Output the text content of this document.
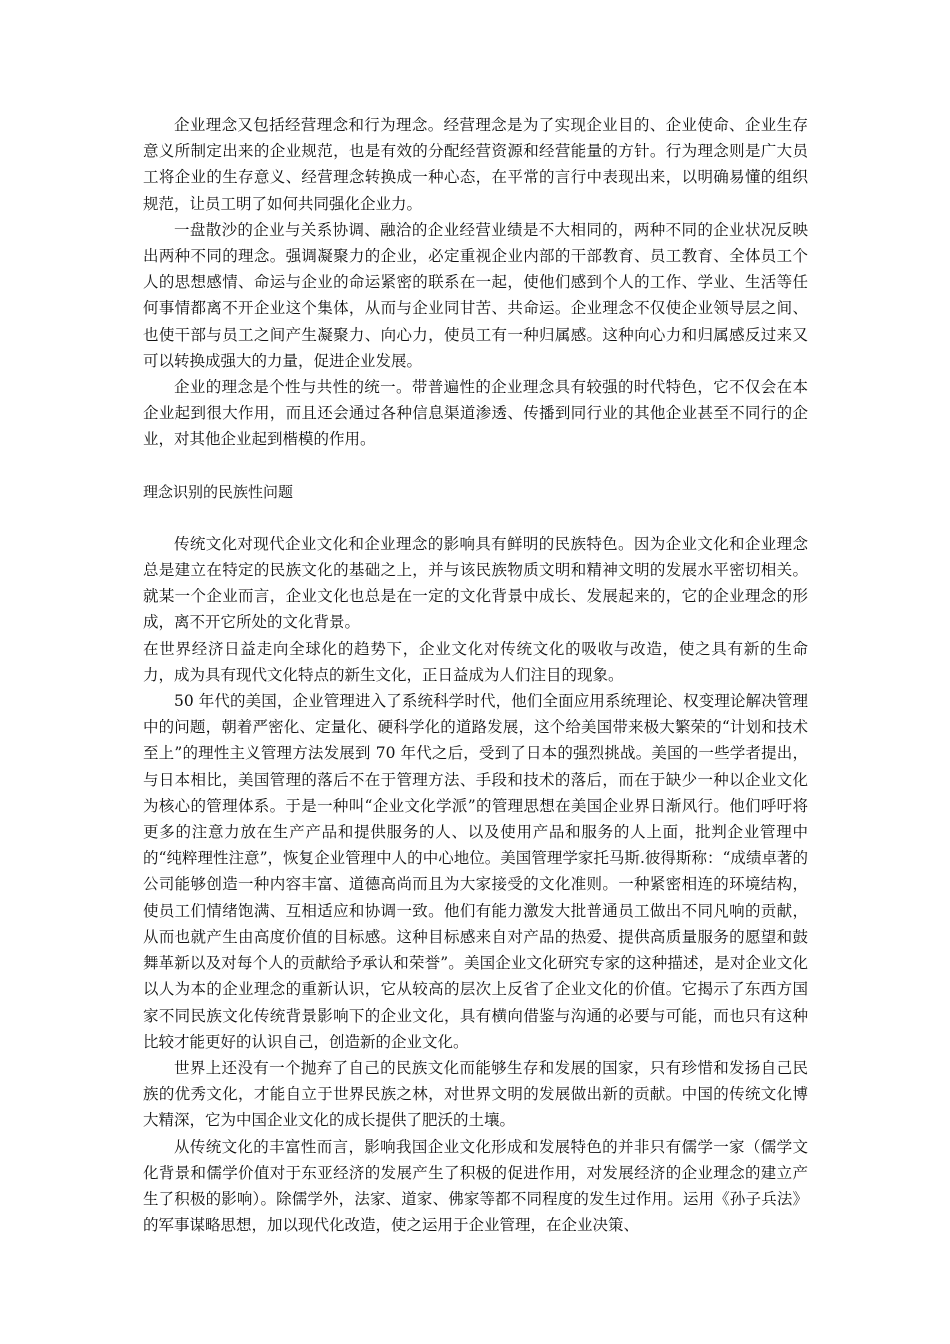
企业理念又包括经营理念和行为理念。经营理念是为了实现企业目的、企业使命、企业生存意义所制定出来的企业规范，也是有效的分配经营资源和经营能量的方针。行为理念则是广大员工将企业的生存意义、经营理念转换成一种心态，在平常的言行中表现出来，以明确易懂的组织规范，让员工明了如何共同强化企业力。

一盘散沙的企业与关系协调、融洽的企业经营业绩是不大相同的，两种不同的企业状况反映出两种不同的理念。强调凝聚力的企业，必定重视企业内部的干部教育、员工教育、全体员工个人的思想感情、命运与企业的命运紧密的联系在一起，使他们感到个人的工作、学业、生活等任何事情都离不开企业这个集体，从而与企业同甘苦、共命运。企业理念不仅使企业领导层之间、也使干部与员工之间产生凝聚力、向心力，使员工有一种归属感。这种向心力和归属感反过来又可以转换成强大的力量，促进企业发展。

企业的理念是个性与共性的统一。带普遍性的企业理念具有较强的时代特色，它不仅会在本企业起到很大作用，而且还会通过各种信息渠道渗透、传播到同行业的其他企业甚至不同行的企业，对其他企业起到楷模的作用。

理念识别的民族性问题

传统文化对现代企业文化和企业理念的影响具有鲜明的民族特色。因为企业文化和企业理念总是建立在特定的民族文化的基础之上，并与该民族物质文明和精神文明的发展水平密切相关。就某一个企业而言，企业文化也总是在一定的文化背景中成长、发展起来的，它的企业理念的形成，离不开它所处的文化背景。

在世界经济日益走向全球化的趋势下，企业文化对传统文化的吸收与改造，使之具有新的生命力，成为具有现代文化特点的新生文化，正日益成为人们注目的现象。

50 年代的美国，企业管理进入了系统科学时代，他们全面应用系统理论、权变理论解决管理中的问题，朝着严密化、定量化、硬科学化的道路发展，这个给美国带来极大繁荣的“计划和技术至上”的理性主义管理方法发展到 70 年代之后，受到了日本的强烈挑战。美国的一些学者提出，与日本相比，美国管理的落后不在于管理方法、手段和技术的落后，而在于缺少一种以企业文化为核心的管理体系。于是一种叫“企业文化学派”的管理思想在美国企业界日渐风行。他们呼吁将更多的注意力放在生产产品和提供服务的人、以及使用产品和服务的人上面，批判企业管理中的“纯粹理性注意”，恢复企业管理中人的中心地位。美国管理学家托马斯.彼得斯称：“成绩卓著的公司能够创造一种内容丰富、道德高尚而且为大家接受的文化准则。一种紧密相连的环境结构，使员工们情绪饱满、互相适应和协调一致。他们有能力激发大批普通员工做出不同凡响的贡献，从而也就产生由高度价值的目标感。这种目标感来自对产品的热爱、提供高质量服务的愿望和鼓舞革新以及对每个人的贡献给予承认和荣誉”。美国企业文化研究专家的这种描述，是对企业文化以人为本的企业理念的重新认识，它从较高的层次上反省了企业文化的价值。它揭示了东西方国家不同民族文化传统背景影响下的企业文化，具有横向借鉴与沟通的必要与可能，而也只有这种比较才能更好的认识自己，创造新的企业文化。

世界上还没有一个抛弃了自己的民族文化而能够生存和发展的国家，只有珍惜和发扬自己民族的优秀文化，才能自立于世界民族之林，对世界文明的发展做出新的贡献。中国的传统文化博大精深，它为中国企业文化的成长提供了肥沃的土壤。

从传统文化的丰富性而言，影响我国企业文化形成和发展特色的并非只有儒学一家（儒学文化背景和儒学价值对于东亚经济的发展产生了积极的促进作用，对发展经济的企业理念的建立产生了积极的影响）。除儒学外，法家、道家、佛家等都不同程度的发生过作用。运用《孙子兵法》的军事谋略思想，加以现代化改造，使之运用于企业管理，在企业决策、
